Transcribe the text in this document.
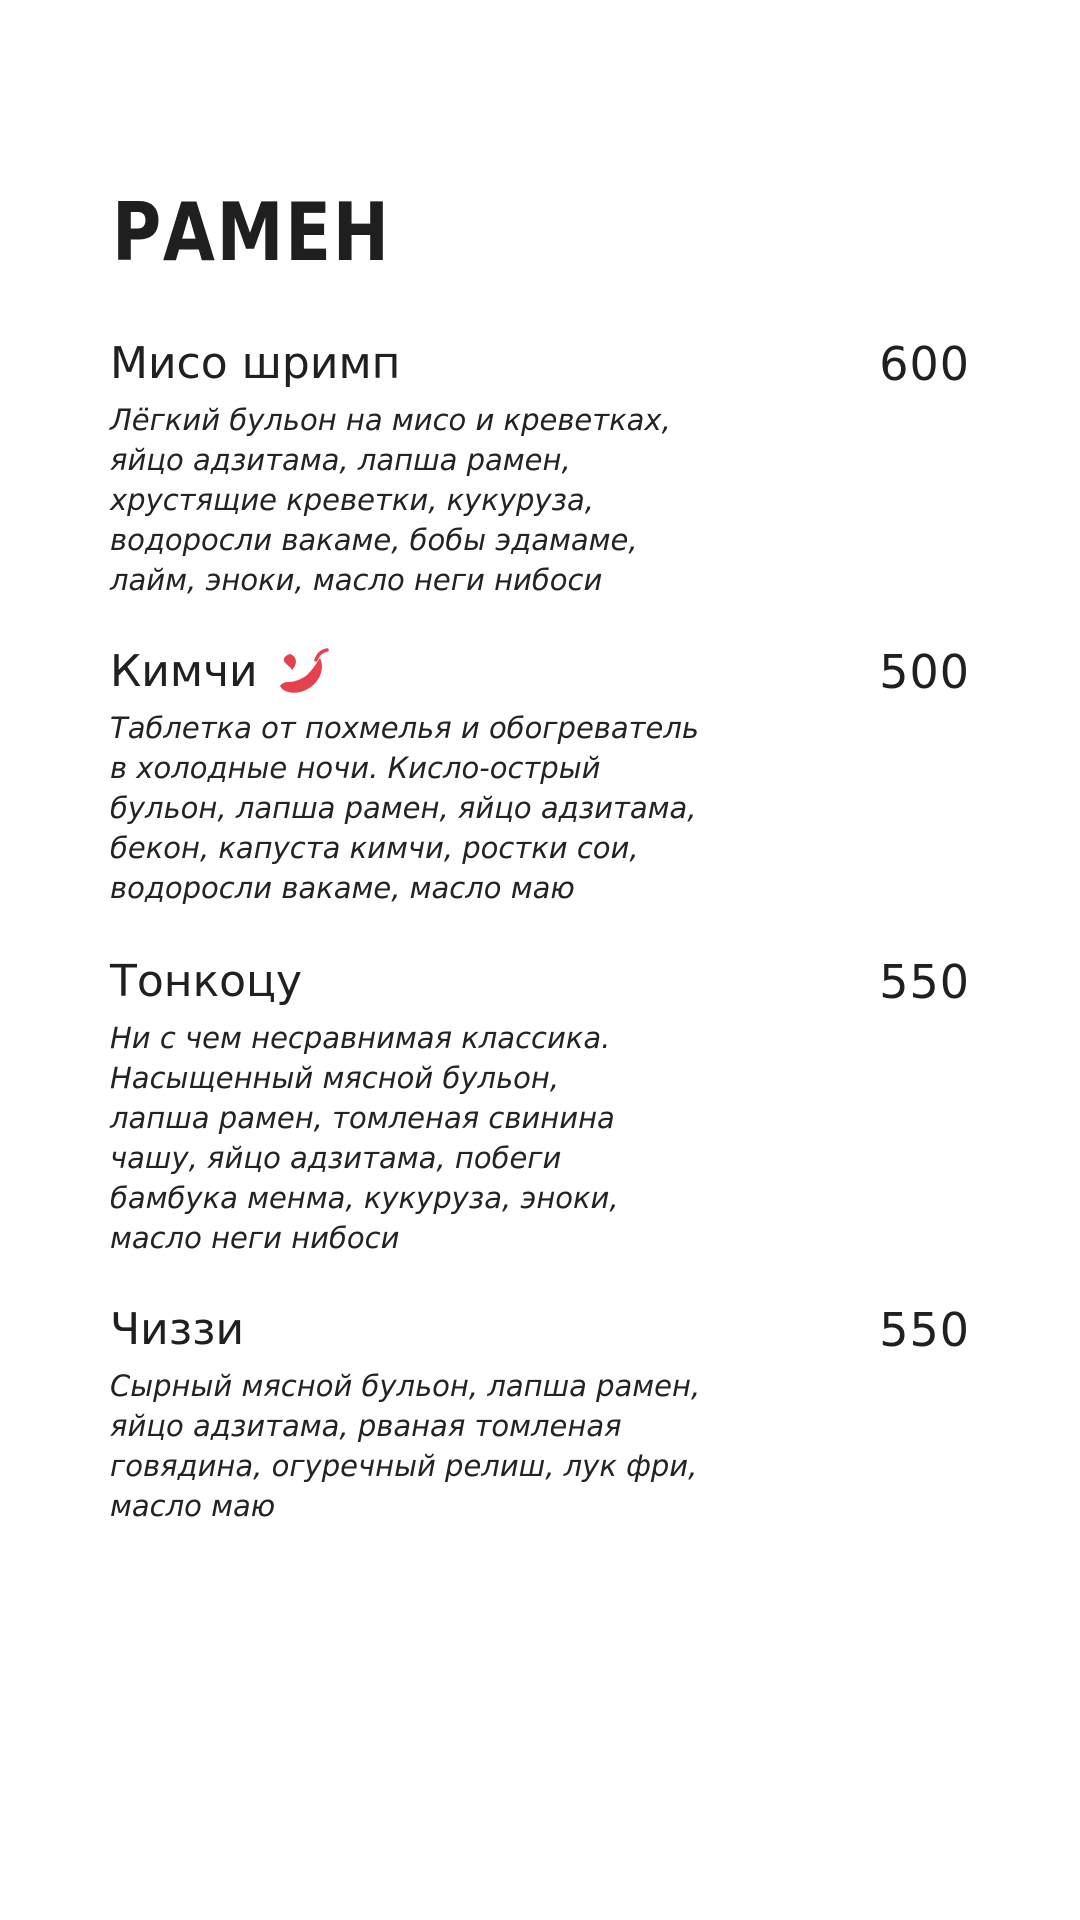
РАМЕН
Мисо шримп	600
Лёгкий бульон на мисо и креветках,
яйцо адзитама, лапша рамен,
хрустящие креветки, кукуруза,
водоросли вакаме, бобы эдамаме,
лайм, эноки, масло неги нибоси
Кимчи	500
Таблетка от похмелья и обогреватель
в холодные ночи. Кисло-острый
бульон, лапша рамен, яйцо адзитама,
бекон, капуста кимчи, ростки сои,
водоросли вакаме, масло маю
Тонкоцу	550
Ни с чем несравнимая классика.
Насыщенный мясной бульон,
лапша рамен, томленая свинина
чашу, яйцо адзитама, побеги
бамбука менма, кукуруза, эноки,
масло неги нибоси
Чиззи	550
Сырный мясной бульон, лапша рамен,
яйцо адзитама, рваная томленая
говядина, огуречный релиш, лук фри,
масло маю
